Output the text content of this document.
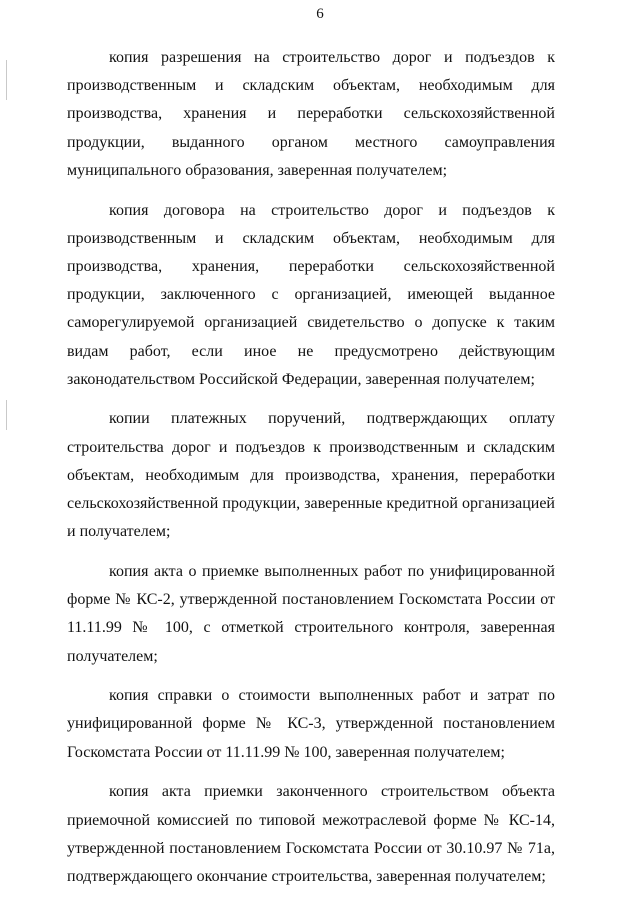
6

копия разрешения на строительство дорог и подъездов к производственным и складским объектам, необходимым для производства, хранения и переработки сельскохозяйственной продукции, выданного органом местного самоуправления муниципального образования, заверенная получателем;

копия договора на строительство дорог и подъездов к производственным и складским объектам, необходимым для производства, хранения, переработки сельскохозяйственной продукции, заключенного с организацией, имеющей выданное саморегулируемой организацией свидетельство о допуске к таким видам работ, если иное не предусмотрено действующим законодательством Российской Федерации, заверенная получателем;

копии платежных поручений, подтверждающих оплату строительства дорог и подъездов к производственным и складским объектам, необходимым для производства, хранения, переработки сельскохозяйственной продукции, заверенные кредитной организацией и получателем;

копия акта о приемке выполненных работ по унифицированной форме № КС-2, утвержденной постановлением Госкомстата России от 11.11.99 № 100, с отметкой строительного контроля, заверенная получателем;

копия справки о стоимости выполненных работ и затрат по унифицированной форме № КС-3, утвержденной постановлением Госкомстата России от 11.11.99 № 100, заверенная получателем;

копия акта приемки законченного строительством объекта приемочной комиссией по типовой межотраслевой форме № КС-14, утвержденной постановлением Госкомстата России от 30.10.97 № 71а, подтверждающего окончание строительства, заверенная получателем;
